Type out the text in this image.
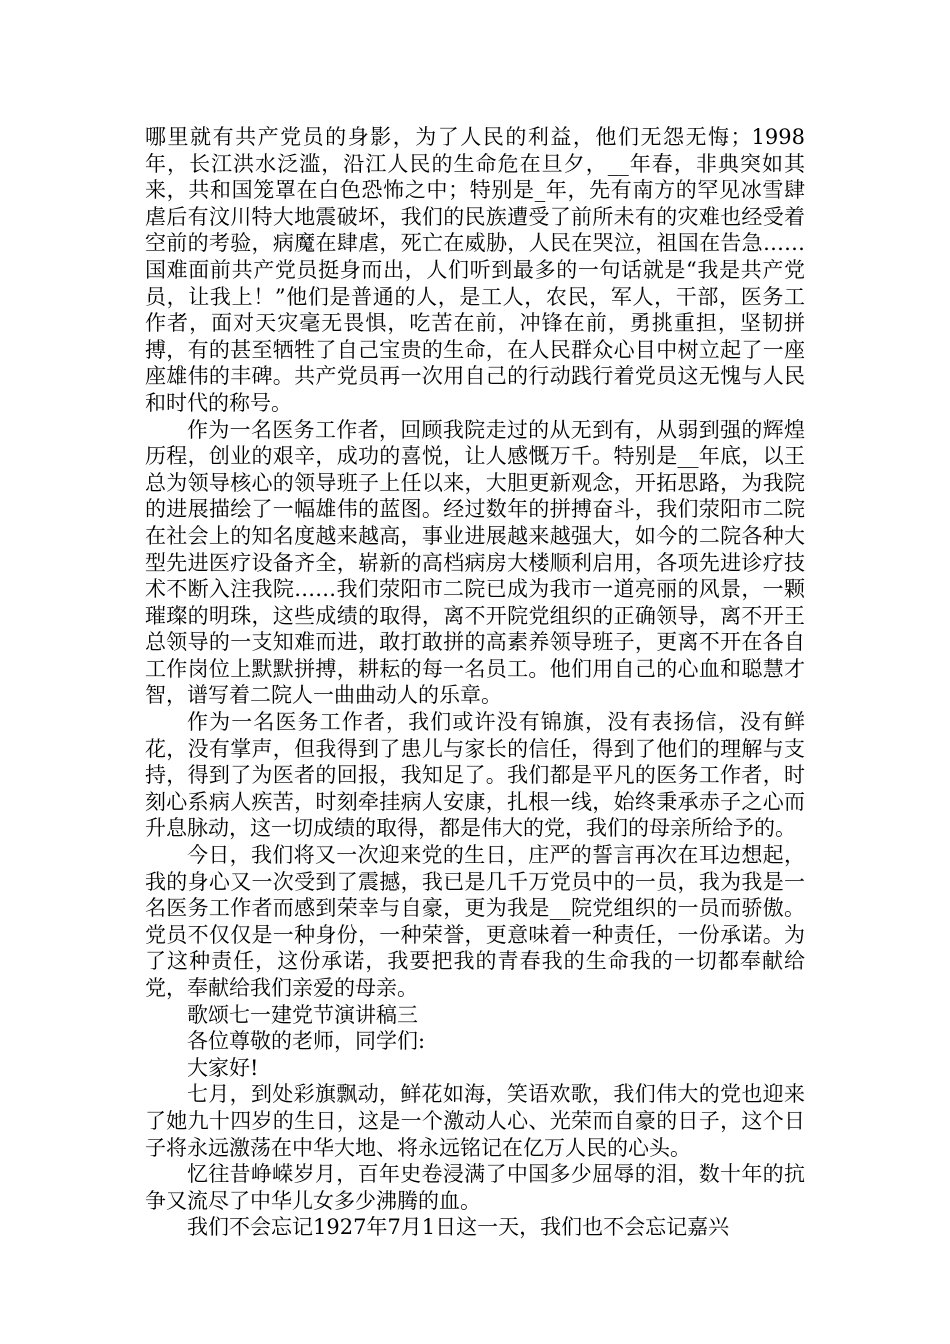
哪里就有共产党员的身影，为了人民的利益，他们无怨无悔；1998年，长江洪水泛滥，沿江人民的生命危在旦夕，__年春，非典突如其来，共和国笼罩在白色恐怖之中；特别是_年，先有南方的罕见冰雪肆虐后有汶川特大地震破坏，我们的民族遭受了前所未有的灾难也经受着空前的考验，病魔在肆虐，死亡在威胁，人民在哭泣，祖国在告急……国难面前共产党员挺身而出，人们听到最多的一句话就是“我是共产党员，让我上！”他们是普通的人，是工人，农民，军人，干部，医务工作者，面对天灾毫无畏惧，吃苦在前，冲锋在前，勇挑重担，坚韧拼搏，有的甚至牺牲了自己宝贵的生命，在人民群众心目中树立起了一座座雄伟的丰碑。共产党员再一次用自己的行动践行着党员这无愧与人民和时代的称号。

作为一名医务工作者，回顾我院走过的从无到有，从弱到强的辉煌历程，创业的艰辛，成功的喜悦，让人感慨万千。特别是__年底，以王总为领导核心的领导班子上任以来，大胆更新观念，开拓思路，为我院的进展描绘了一幅雄伟的蓝图。经过数年的拼搏奋斗，我们荥阳市二院在社会上的知名度越来越高，事业进展越来越强大，如今的二院各种大型先进医疗设备齐全，崭新的高档病房大楼顺利启用，各项先进诊疗技术不断入注我院……我们荥阳市二院已成为我市一道亮丽的风景，一颗璀璨的明珠，这些成绩的取得，离不开院党组织的正确领导，离不开王总领导的一支知难而进，敢打敢拼的高素养领导班子，更离不开在各自工作岗位上默默拼搏，耕耘的每一名员工。他们用自己的心血和聪慧才智，谱写着二院人一曲曲动人的乐章。

作为一名医务工作者，我们或许没有锦旗，没有表扬信，没有鲜花，没有掌声，但我得到了患儿与家长的信任，得到了他们的理解与支持，得到了为医者的回报，我知足了。我们都是平凡的医务工作者，时刻心系病人疾苦，时刻牵挂病人安康，扎根一线，始终秉承赤子之心而升息脉动，这一切成绩的取得，都是伟大的党，我们的母亲所给予的。

今日，我们将又一次迎来党的生日，庄严的誓言再次在耳边想起，我的身心又一次受到了震撼，我已是几千万党员中的一员，我为我是一名医务工作者而感到荣幸与自豪，更为我是__院党组织的一员而骄傲。党员不仅仅是一种身份，一种荣誉，更意味着一种责任，一份承诺。为了这种责任，这份承诺，我要把我的青春我的生命我的一切都奉献给党，奉献给我们亲爱的母亲。

歌颂七一建党节演讲稿三

各位尊敬的老师，同学们:

大家好!

七月，到处彩旗飘动，鲜花如海，笑语欢歌，我们伟大的党也迎来了她九十四岁的生日，这是一个激动人心、光荣而自豪的日子，这个日子将永远激荡在中华大地、将永远铭记在亿万人民的心头。

忆往昔峥嵘岁月，百年史卷浸满了中国多少屈辱的泪，数十年的抗争又流尽了中华儿女多少沸腾的血。

我们不会忘记1927年7月1日这一天，我们也不会忘记嘉兴
